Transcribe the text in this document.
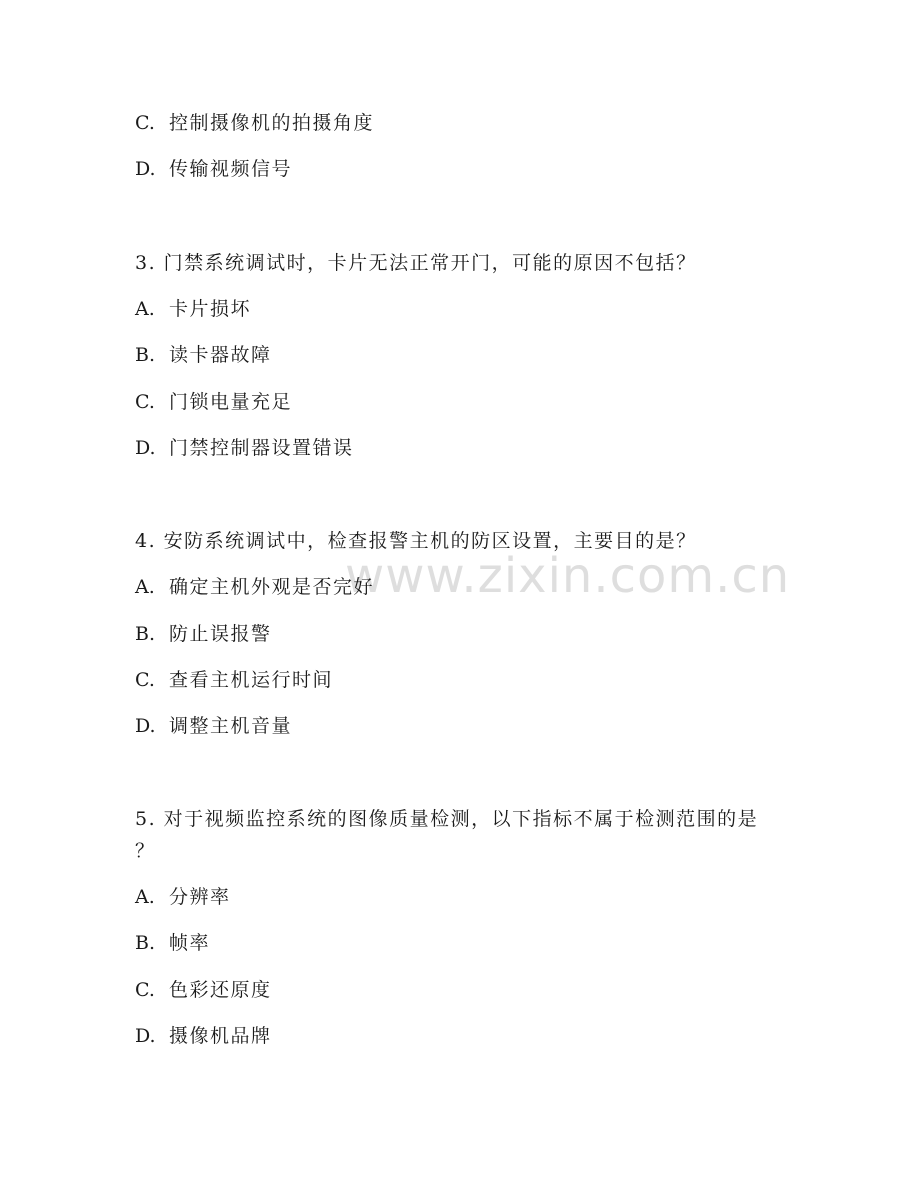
www.zixin.com.cn
C. 控制摄像机的拍摄角度
D. 传输视频信号
3. 门禁系统调试时，卡片无法正常开门，可能的原因不包括？
A. 卡片损坏
B. 读卡器故障
C. 门锁电量充足
D. 门禁控制器设置错误
4. 安防系统调试中，检查报警主机的防区设置，主要目的是？
A. 确定主机外观是否完好
B. 防止误报警
C. 查看主机运行时间
D. 调整主机音量
5. 对于视频监控系统的图像质量检测，以下指标不属于检测范围的是
？
A. 分辨率
B. 帧率
C. 色彩还原度
D. 摄像机品牌
